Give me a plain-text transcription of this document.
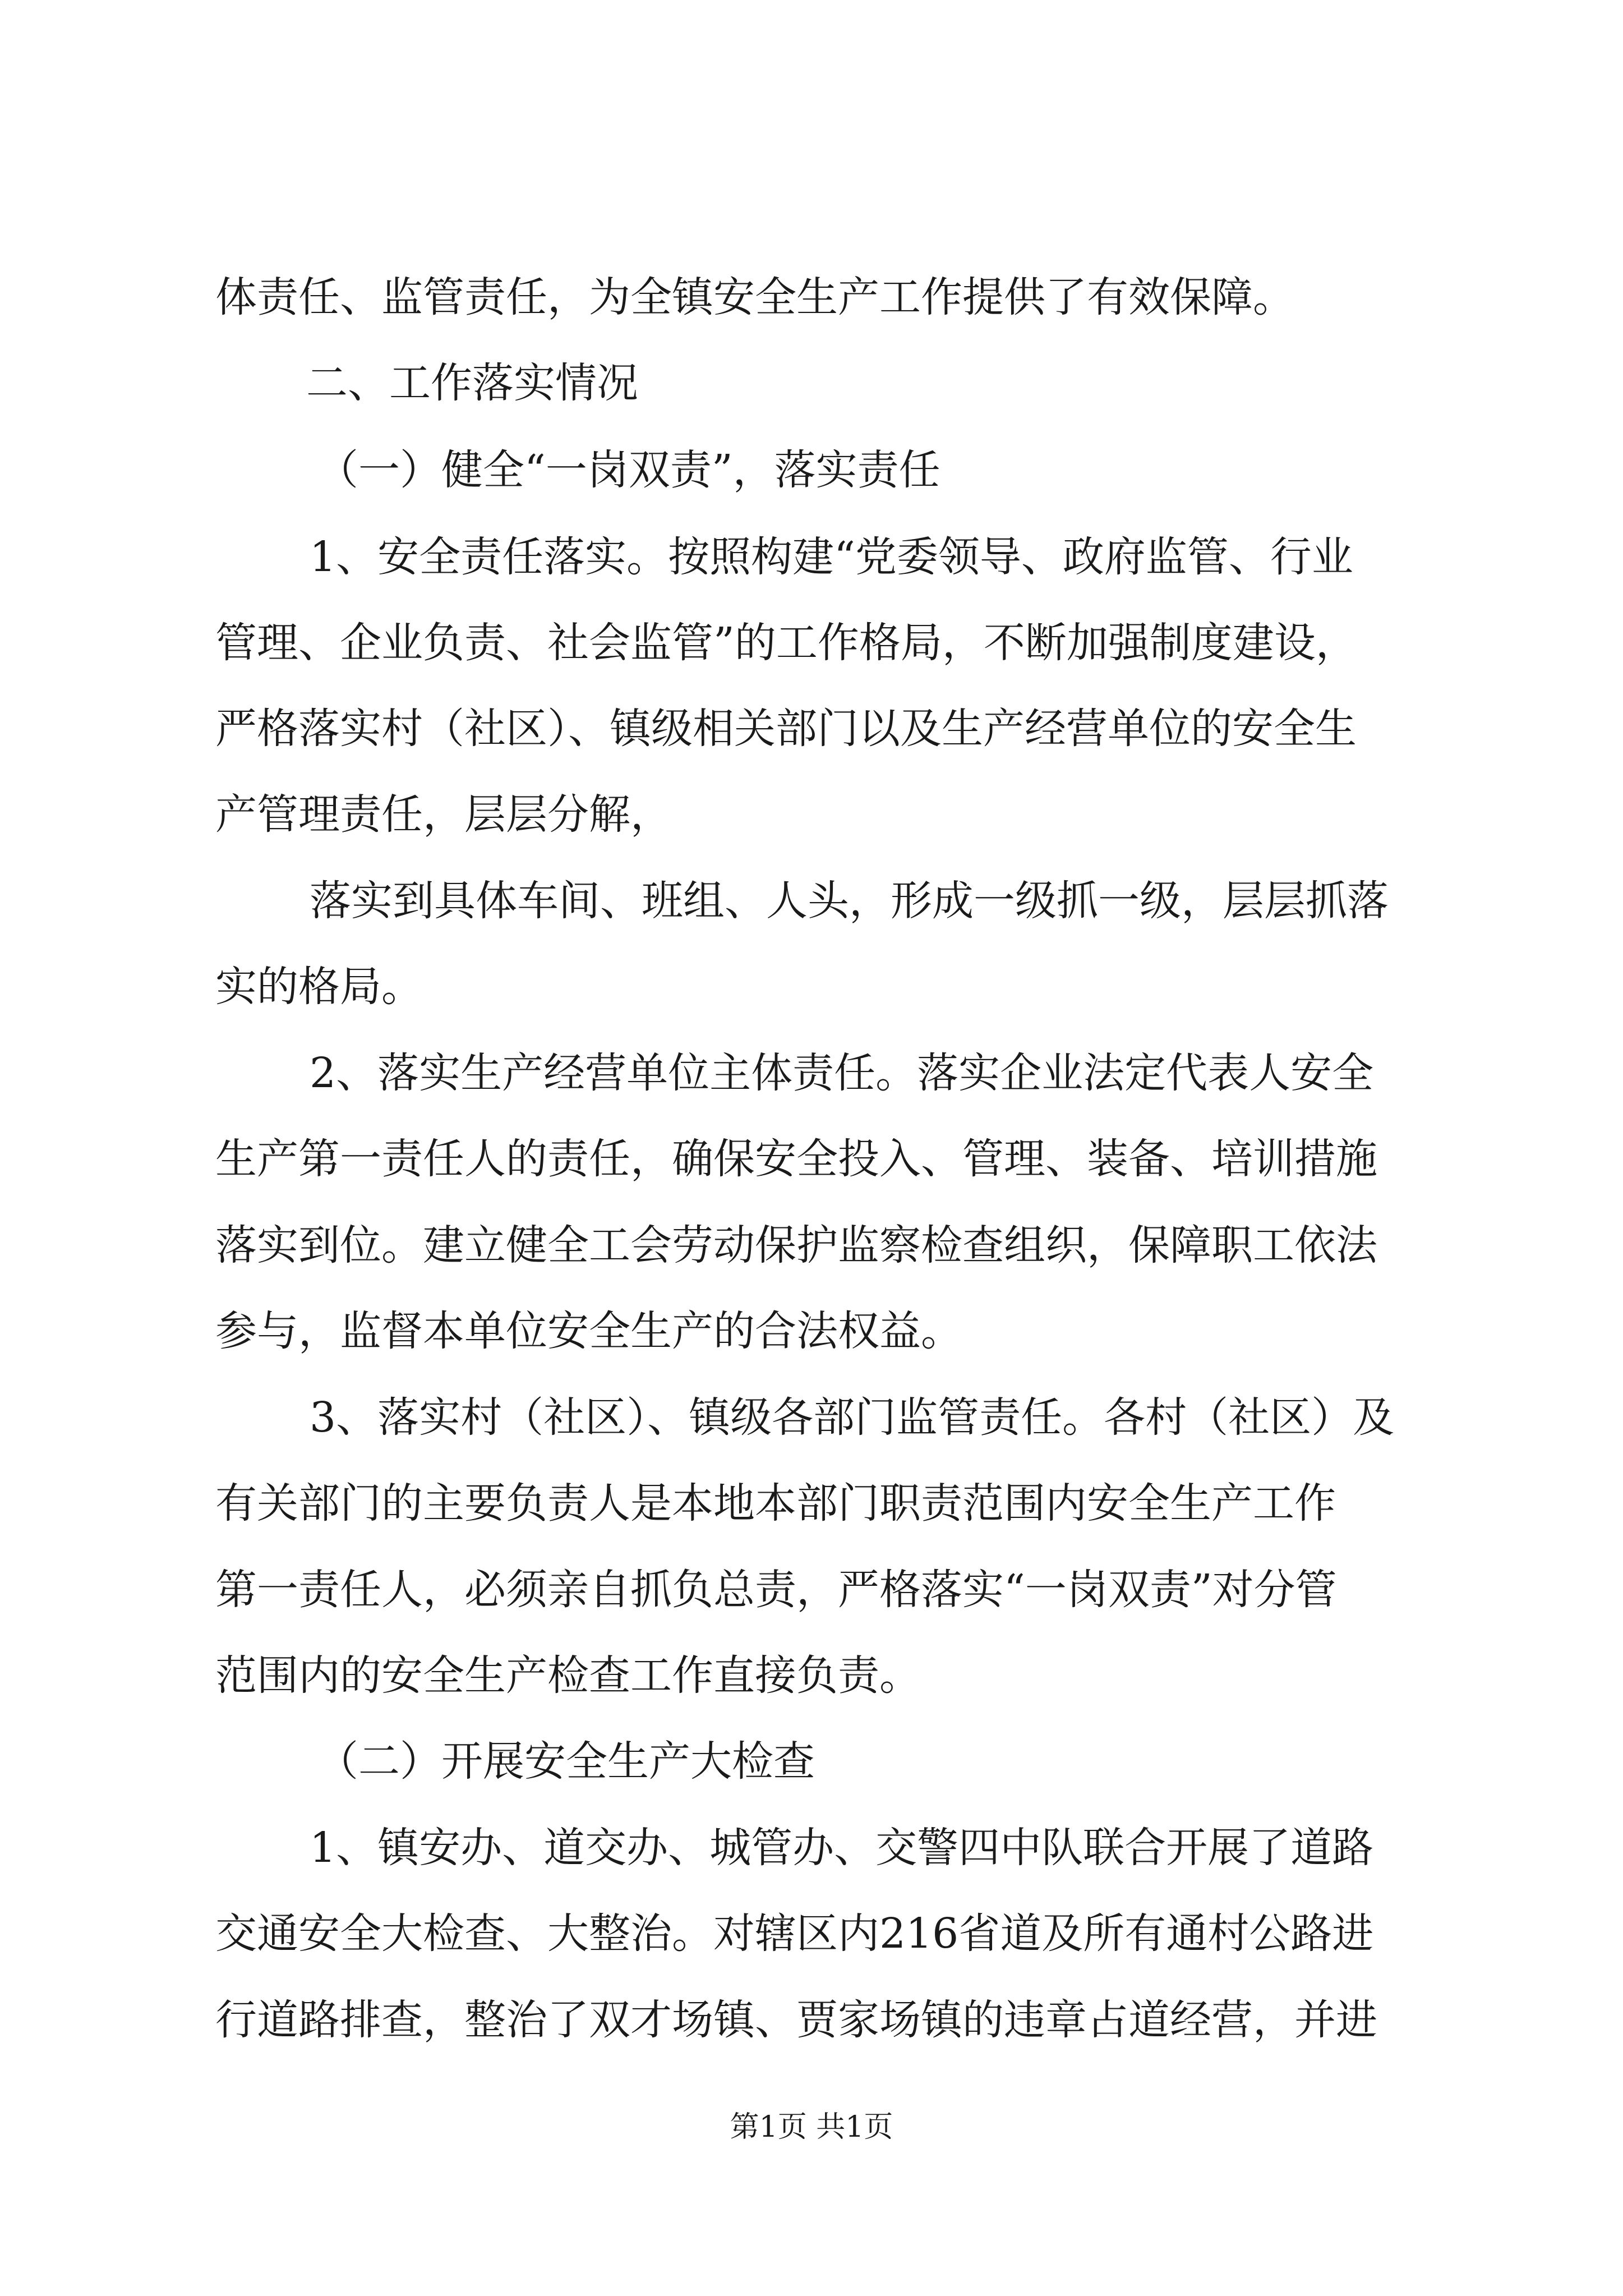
体责任、监管责任，为全镇安全生产工作提供了有效保障。
二、工作落实情况
（一）健全“一岗双责”，落实责任
1、安全责任落实。按照构建“党委领导、政府监管、行业
管理、企业负责、社会监管”的工作格局，不断加强制度建设，
严格落实村（社区）、镇级相关部门以及生产经营单位的安全生
产管理责任，层层分解，
落实到具体车间、班组、人头，形成一级抓一级，层层抓落
实的格局。
2、落实生产经营单位主体责任。落实企业法定代表人安全
生产第一责任人的责任，确保安全投入、管理、装备、培训措施
落实到位。建立健全工会劳动保护监察检查组织，保障职工依法
参与，监督本单位安全生产的合法权益。
3、落实村（社区）、镇级各部门监管责任。各村（社区）及
有关部门的主要负责人是本地本部门职责范围内安全生产工作
第一责任人，必须亲自抓负总责，严格落实“一岗双责”对分管
范围内的安全生产检查工作直接负责。
（二）开展安全生产大检查
1、镇安办、道交办、城管办、交警四中队联合开展了道路
交通安全大检查、大整治。对辖区内216省道及所有通村公路进
行道路排查，整治了双才场镇、贾家场镇的违章占道经营，并进
第1页 共1页
